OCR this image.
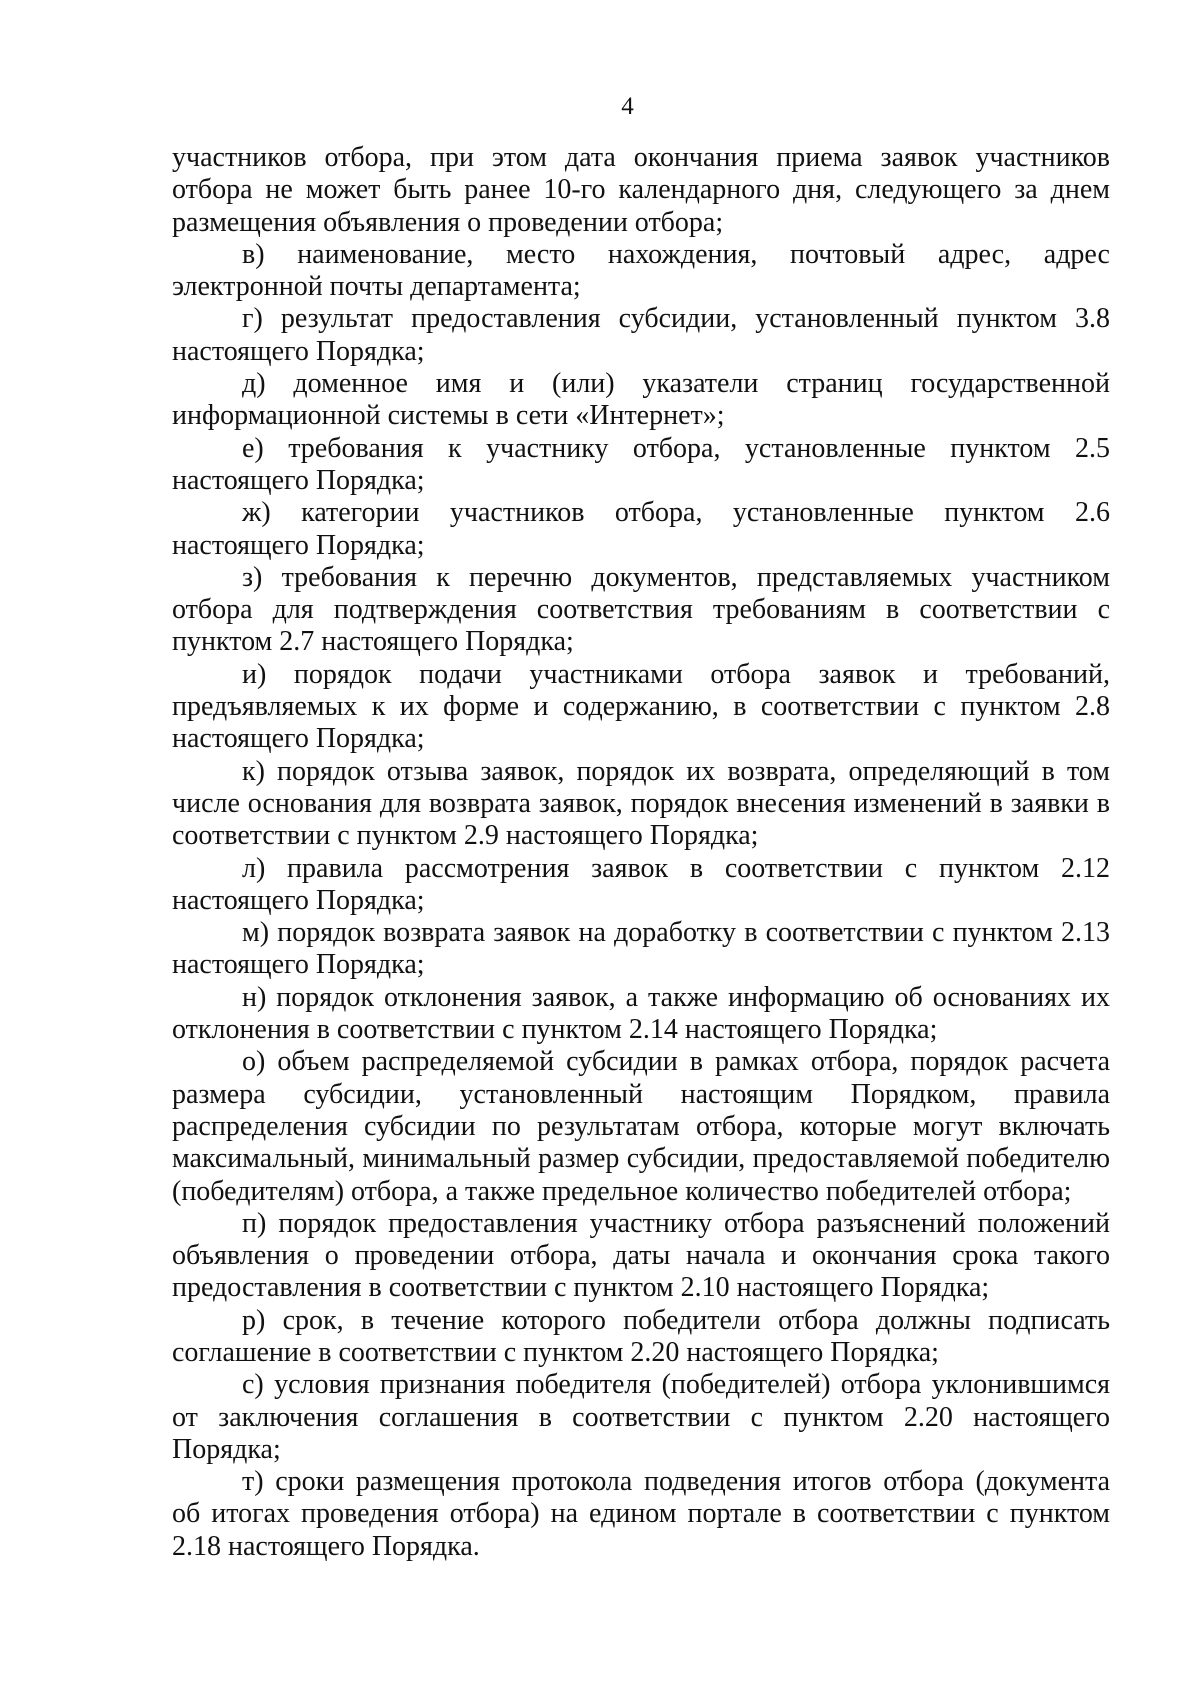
4

участников отбора, при этом дата окончания приема заявок участников отбора не может быть ранее 10-го календарного дня, следующего за днем размещения объявления о проведении отбора;

в) наименование, место нахождения, почтовый адрес, адрес электронной почты департамента;

г) результат предоставления субсидии, установленный пунктом 3.8 настоящего Порядка;

д) доменное имя и (или) указатели страниц государственной информационной системы в сети «Интернет»;

е) требования к участнику отбора, установленные пунктом 2.5 настоящего Порядка;

ж) категории участников отбора, установленные пунктом 2.6 настоящего Порядка;

з) требования к перечню документов, представляемых участником отбора для подтверждения соответствия требованиям в соответствии с пунктом 2.7 настоящего Порядка;

и) порядок подачи участниками отбора заявок и требований, предъявляемых к их форме и содержанию, в соответствии с пунктом 2.8 настоящего Порядка;

к) порядок отзыва заявок, порядок их возврата, определяющий в том числе основания для возврата заявок, порядок внесения изменений в заявки в соответствии с пунктом 2.9 настоящего Порядка;

л) правила рассмотрения заявок в соответствии с пунктом 2.12 настоящего Порядка;

м) порядок возврата заявок на доработку в соответствии с пунктом 2.13 настоящего Порядка;

н) порядок отклонения заявок, а также информацию об основаниях их отклонения в соответствии с пунктом 2.14 настоящего Порядка;

о) объем распределяемой субсидии в рамках отбора, порядок расчета размера субсидии, установленный настоящим Порядком, правила распределения субсидии по результатам отбора, которые могут включать максимальный, минимальный размер субсидии, предоставляемой победителю (победителям) отбора, а также предельное количество победителей отбора;

п) порядок предоставления участнику отбора разъяснений положений объявления о проведении отбора, даты начала и окончания срока такого предоставления в соответствии с пунктом 2.10 настоящего Порядка;

р) срок, в течение которого победители отбора должны подписать соглашение в соответствии с пунктом 2.20 настоящего Порядка;

с) условия признания победителя (победителей) отбора уклонившимся от заключения соглашения в соответствии с пунктом 2.20 настоящего Порядка;

т) сроки размещения протокола подведения итогов отбора (документа об итогах проведения отбора) на едином портале в соответствии с пунктом 2.18 настоящего Порядка.
